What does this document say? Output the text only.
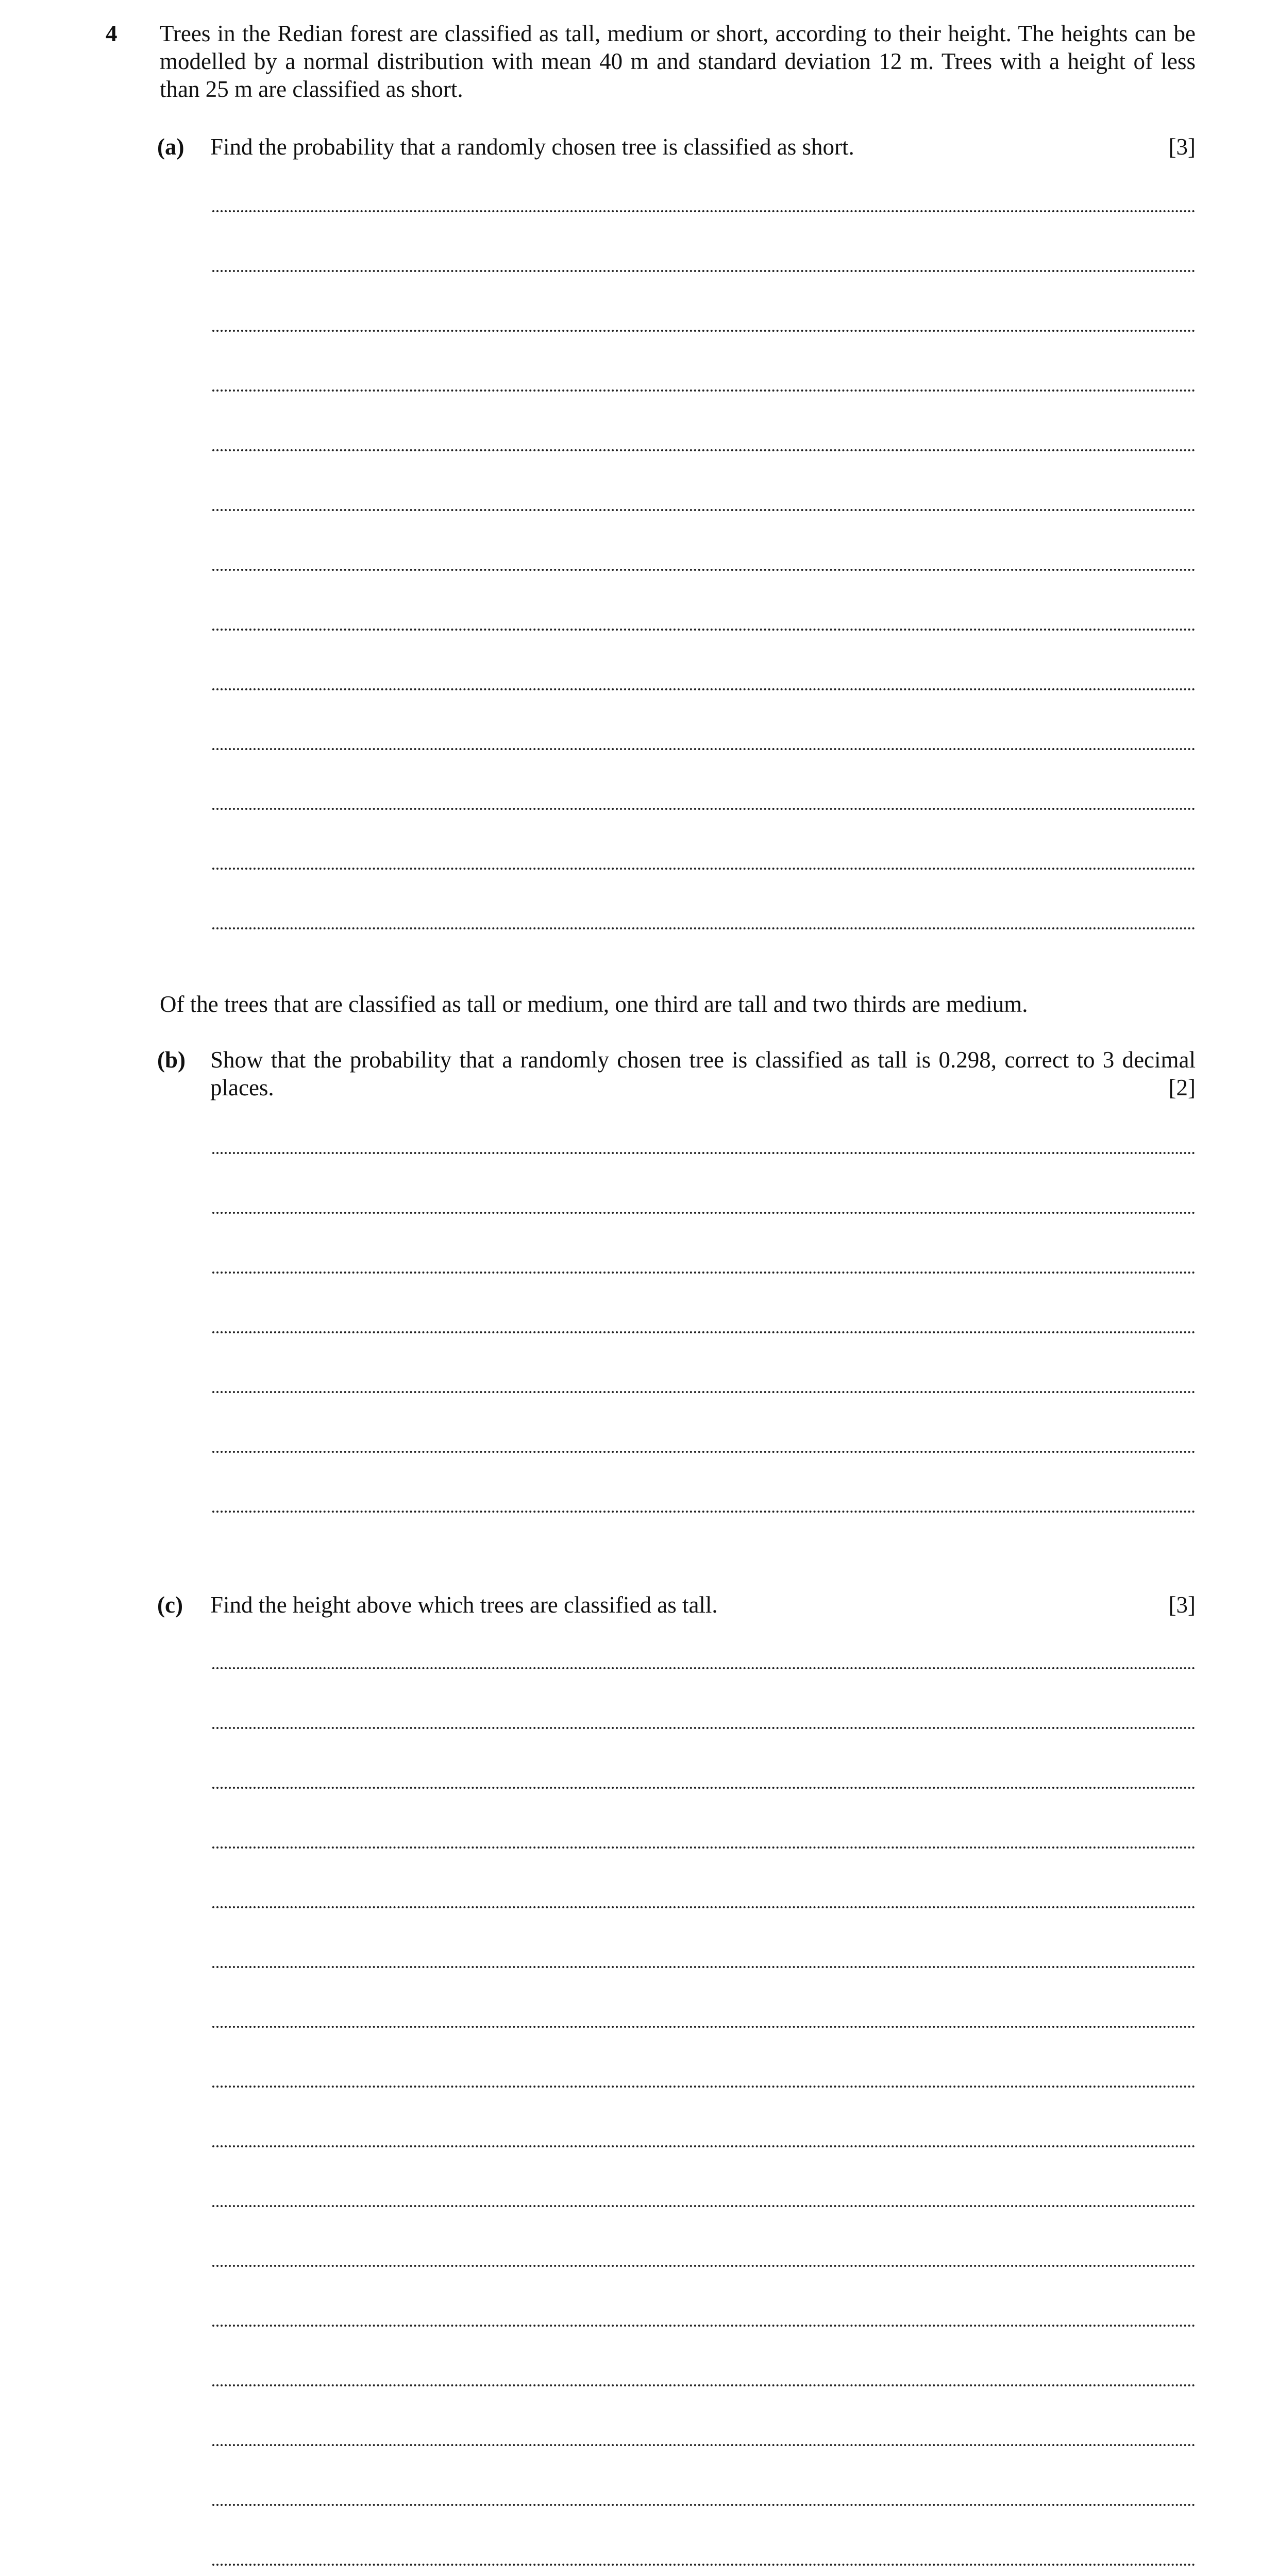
4 Trees in the Redian forest are classified as tall, medium or short, according to their height. The heights can be modelled by a normal distribution with mean 40 m and standard deviation 12 m. Trees with a height of less than 25 m are classified as short.
(a) Find the probability that a randomly chosen tree is classified as short.	[3]
Of the trees that are classified as tall or medium, one third are tall and two thirds are medium.
(b) Show that the probability that a randomly chosen tree is classified as tall is 0.298, correct to 3 decimal places.	[2]
(c) Find the height above which trees are classified as tall.	[3]
